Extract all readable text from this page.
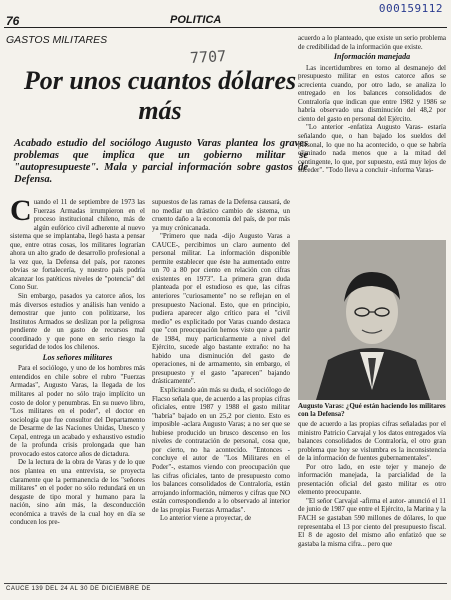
000159112
76	POLITICA
GASTOS MILITARES
7707
Por unos cuantos dólares más
Acabado estudio del sociólogo Augusto Varas plantea los graves problemas que implica que un gobierno militar se "autopresupueste". Mala y parcial información sobre gastos de Defensa.

Cuando el 11 de septiembre de 1973 las Fuerzas Armadas irrumpieron en el proceso institucional chileno, más de algún eufórico civil adherente al nuevo sistema que se implantaba, llegó hasta a pensar que, entre otras cosas, los militares lograrían ahora un alto grado de desarrollo profesional a la vez que, la Defensa del país, por razones obvias se fortalecería, y nuestro país podría alcanzar los patéticos niveles de "potencia" del Cono Sur.

Sin embargo, pasados ya catorce años, los más diversos estudios y análisis han venido a demostrar que junto con politizarse, los Institutos Armados se deslizan por la peligrosa pendiente de un gasto de recursos mal coordinado y que pone en serio riesgo la seguridad de todos los chilenos.

Los señores militares

Para el sociólogo, y uno de los hombres más entendidos en chile sobre el rubro "Fuerzas Armadas", Augusto Varas, la llegada de los militares al poder no sólo trajo implícito un costo de dolor y penumbras. En su nuevo libro, "Los militares en el poder", el doctor en sociología que fue consultor del Departamento de Desarme de las Naciones Unidas, Unesco y Cepal, entrega un acabado y exhaustivo estudio de la profunda crisis prolongada que han provocado estos catorce años de dictadura.

De la lectura de la obra de Varas y de lo que nos plantea en una entrevista, se proyecta claramente que la permanencia de los "señores militares" en el poder no sólo redundará en un desgaste de tipo moral y humano para la nación, sino aún más, la desconducción económica a través de la cual hoy en día se conducen los pre-

supuestos de las ramas de la Defensa causará, de no mediar un drástico cambio de sistema, un cruento daño a la economía del país, de por más ya muy crónicanada.

"Primero que nada -dijo Augusto Varas a CAUCE-, percibimos un claro aumento del personal militar. La información disponible permite establecer que éste ha aumentado entre un 70 a 80 por ciento en relación con cifras existentes en 1973". La primera gran duda planteada por el estudioso es que, las cifras anteriores "curiosamente" no se reflejan en el presupuesto Nacional. Esto, que en principio, pudiera aparecer algo crítico para el "civil medio" es explicitado por Varas cuando destaca que "con preocupación hemos visto que a partir de 1984, muy particularmente a nivel del Ejército, sucede algo bastante extraño: no ha habido una disminución del gasto de operaciones, ni de armamento, sin embargo, el presupuesto y el gasto "aparecen" bajando drásticamente".

Explicitando aún más su duda, el sociólogo de Flacso señala que, de acuerdo a las propias cifras oficiales, entre 1987 y 1988 el gasto militar "habría" bajado en un 25,2 por ciento. Esto es imposible -aclara Augusto Varas; a no ser que se hubiese producido un brusco descenso en los niveles de contratación de personal, cosa que, por cierto, no ha acontecido. "Entonces -concluye el autor de "Los Militares en el Poder"-, estamos viendo con preocupación que las cifras oficiales, tanto de presupuesto como los balances consolidados de Contraloría, están arrojando información, números y cifras que NO están correspondiendo a lo observado al interior de las propias Fuerzas Armadas".

Lo anterior viene a proyectar, de

acuerdo a lo planteado, que existe un serio problema de credibilidad de la información que existe.

Información manejada

Las incertidumbres en torno al desmanejo del presupuesto militar en estos catorce años se acrecienta cuando, por otro lado, se analiza lo entregado en los balances consolidados de Contraloría que indican que entre 1982 y 1986 se habría observado una disminución del 48,2 por ciento del gasto en personal del Ejército.

"Lo anterior -enfatiza Augusto Varas- estaría señalando que, o han bajado los sueldos del personal, lo que no ha acontecido, o que se habría eliminado nada menos que a la mitad del contingente, lo que, por supuesto, está muy lejos de suceder". "Todo lleva a concluir -informa Varas-

Augusto Varas: ¿Qué están haciendo los militares con la Defensa?

que de acuerdo a las propias cifras señaladas por el ministro Patricio Carvajal y los datos entregados vía balances consolidados de Contraloría, el otro gran problema que hoy se vislumbra es la inconsistencia de la información de fuentes gubernamentales".

Por otro lado, en este tejer y manejo de información manejada, la parcialidad de la presentación oficial del gasto militar es otro elemento preocupante.

"El señor Carvajal -afirma el autor- anunció el 11 de junio de 1987 que entre el Ejército, la Marina y la FACH se gastaban 590 millones de dólares, lo que representaba el 13 por ciento del presupuesto fiscal. El 8 de agosto del mismo año enfatizó que se gastaba la misma cifra... pero que

CAUCE 139 DEL 24 AL 30 DE DICIEMBRE DE
